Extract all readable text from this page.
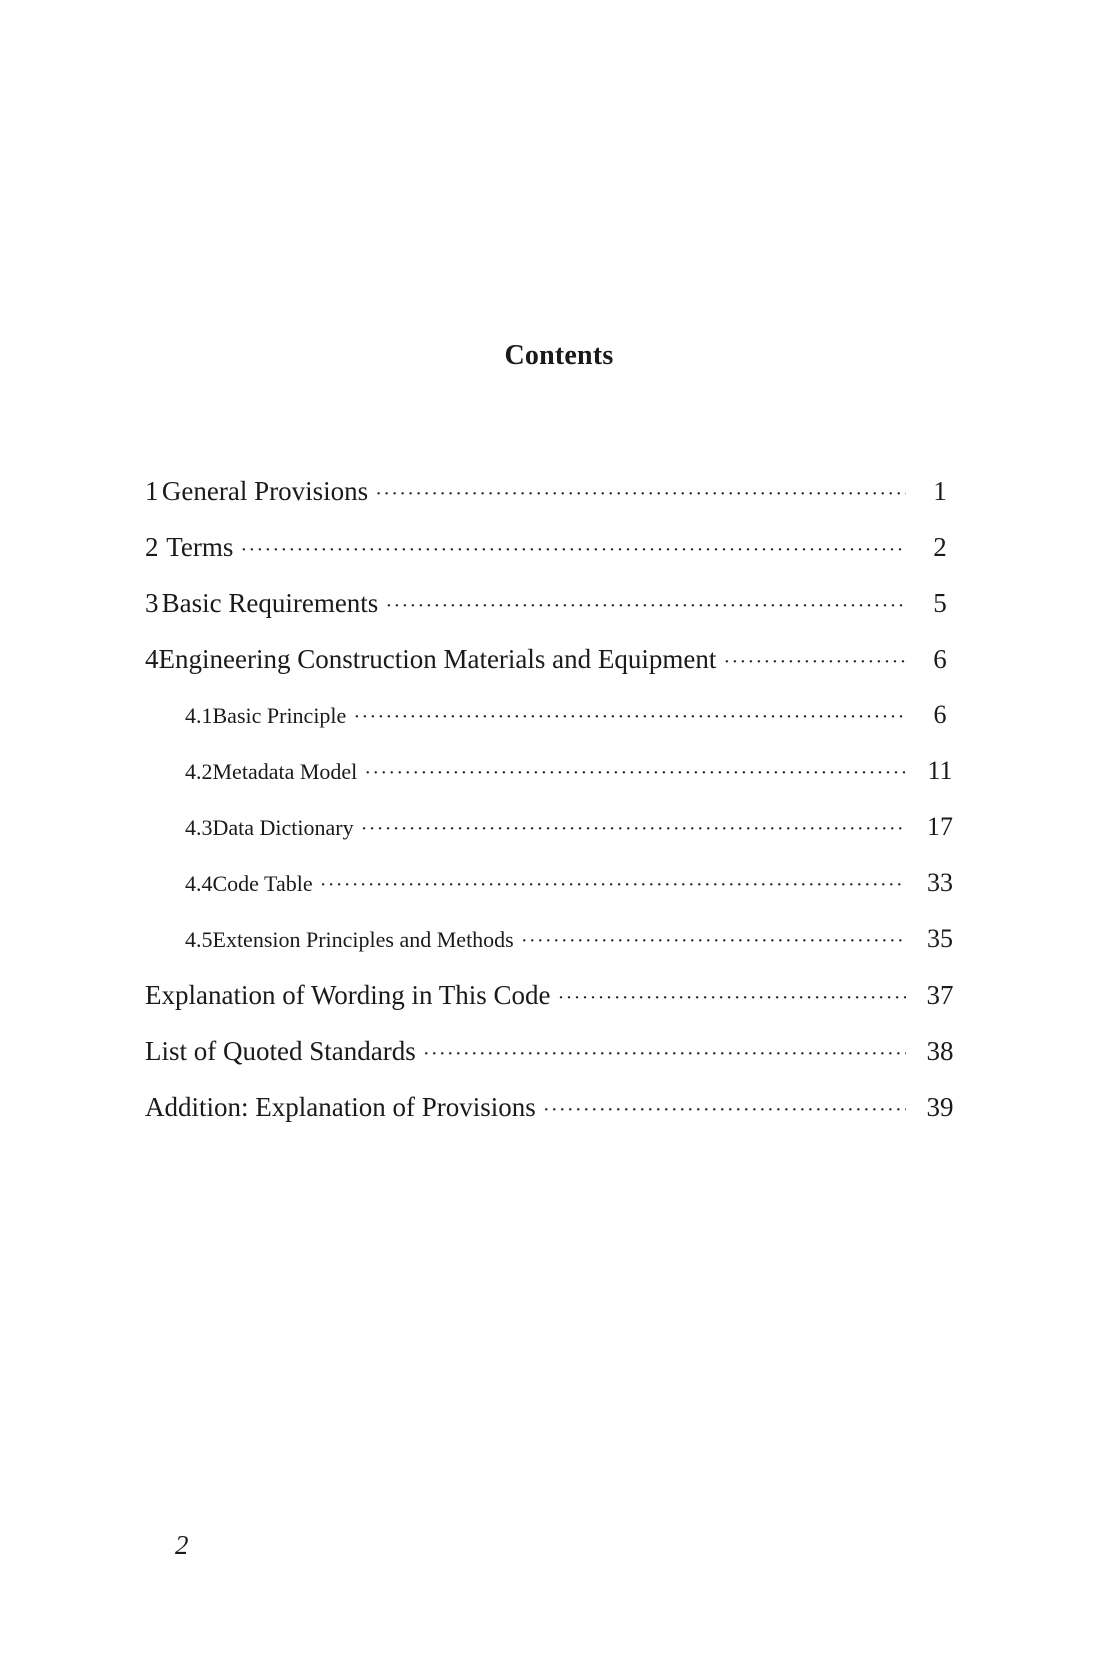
Contents
1 General Provisions ·····	1
2 Terms ·····	2
3 Basic Requirements ·····	5
4 Engineering Construction Materials and Equipment ·····	6
4.1 Basic Principle ·····	6
4.2 Metadata Model ·····	11
4.3 Data Dictionary ·····	17
4.4 Code Table ·····	33
4.5 Extension Principles and Methods ·····	35
Explanation of Wording in This Code ·····	37
List of Quoted Standards ·····	38
Addition: Explanation of Provisions ·····	39
2
